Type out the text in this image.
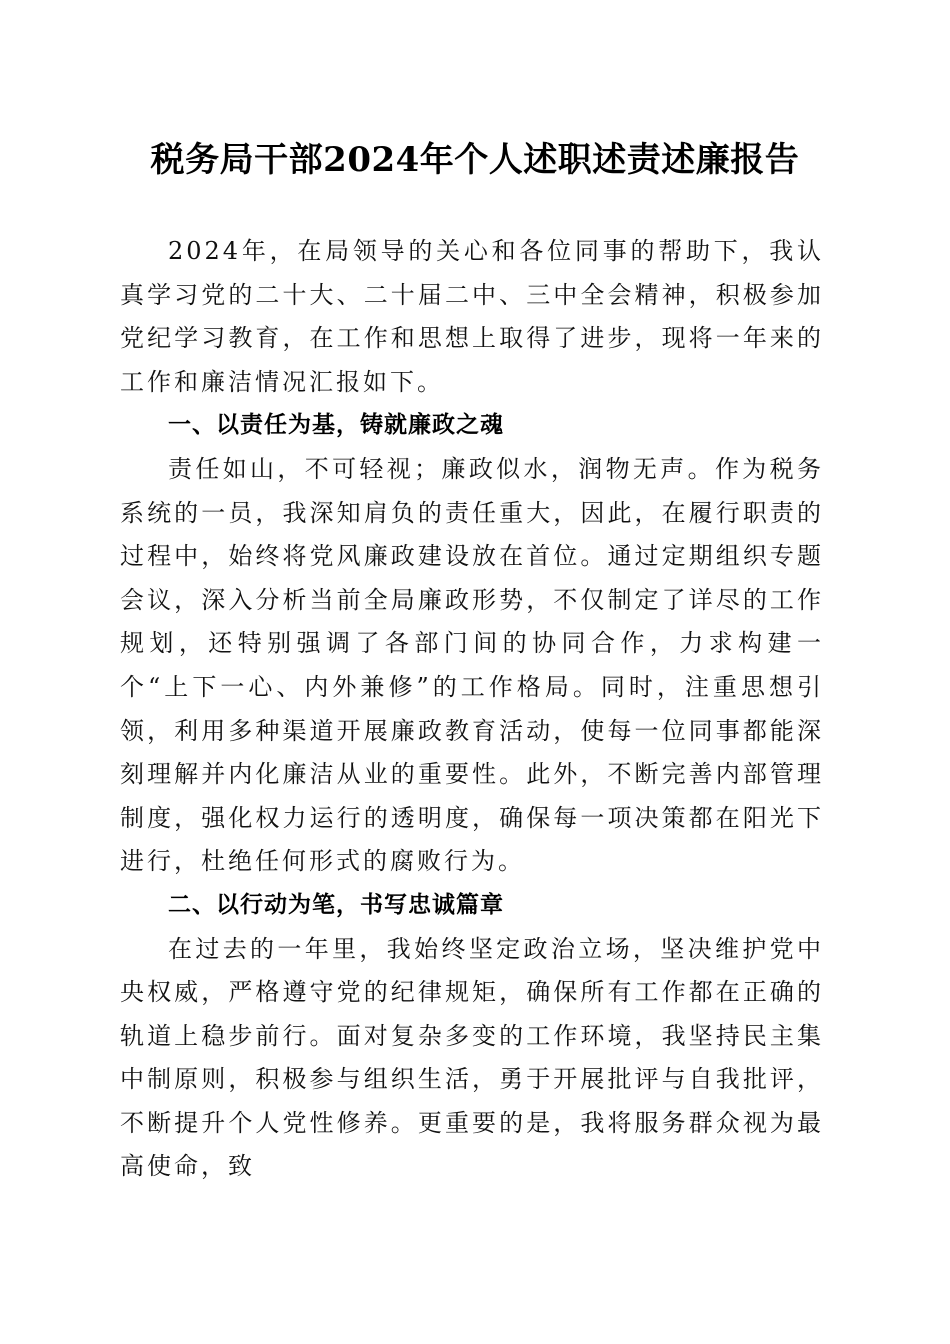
税务局干部2024年个人述职述责述廉报告

2024年，在局领导的关心和各位同事的帮助下，我认真学习党的二十大、二十届二中、三中全会精神，积极参加党纪学习教育，在工作和思想上取得了进步，现将一年来的工作和廉洁情况汇报如下。

一、以责任为基，铸就廉政之魂

责任如山，不可轻视；廉政似水，润物无声。作为税务系统的一员，我深知肩负的责任重大，因此，在履行职责的过程中，始终将党风廉政建设放在首位。通过定期组织专题会议，深入分析当前全局廉政形势，不仅制定了详尽的工作规划，还特别强调了各部门间的协同合作，力求构建一个“上下一心、内外兼修”的工作格局。同时，注重思想引领，利用多种渠道开展廉政教育活动，使每一位同事都能深刻理解并内化廉洁从业的重要性。此外，不断完善内部管理制度，强化权力运行的透明度，确保每一项决策都在阳光下进行，杜绝任何形式的腐败行为。

二、以行动为笔，书写忠诚篇章

在过去的一年里，我始终坚定政治立场，坚决维护党中央权威，严格遵守党的纪律规矩，确保所有工作都在正确的轨道上稳步前行。面对复杂多变的工作环境，我坚持民主集中制原则，积极参与组织生活，勇于开展批评与自我批评，不断提升个人党性修养。更重要的是，我将服务群众视为最高使命，致
